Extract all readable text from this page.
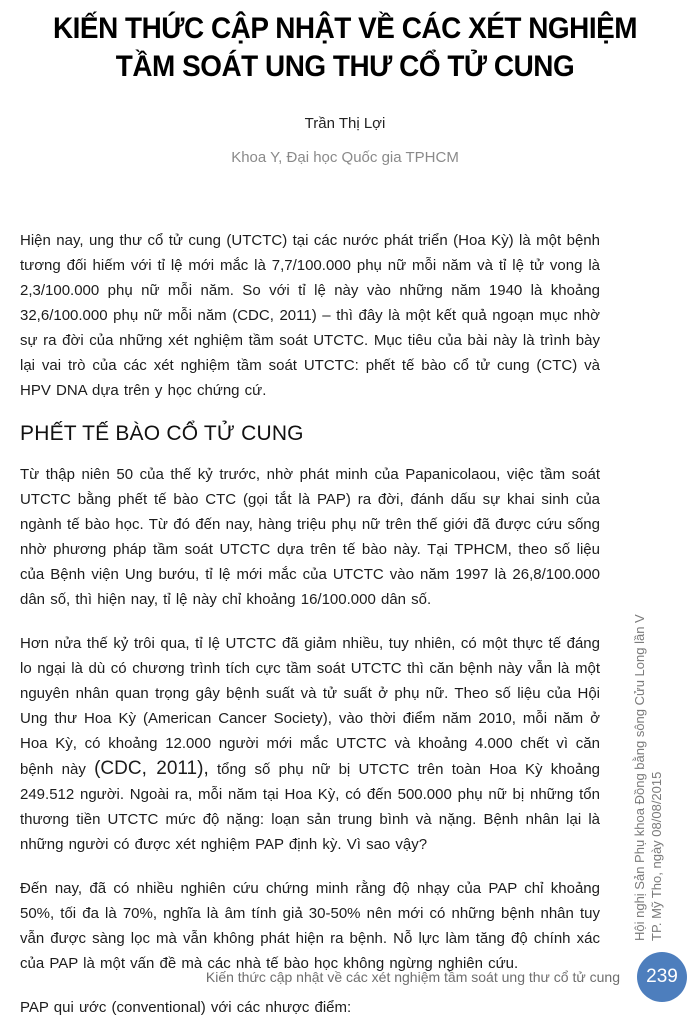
KIẾN THỨC CẬP NHẬT VỀ CÁC XÉT NGHIỆM
TẦM SOÁT UNG THƯ CỔ TỬ CUNG
Trần Thị Lợi
Khoa Y, Đại học Quốc gia TPHCM

Hiện nay, ung thư cổ tử cung (UTCTC) tại các nước phát triển (Hoa Kỳ) là một bệnh tương đối hiếm với tỉ lệ mới mắc là 7,7/100.000 phụ nữ mỗi năm và tỉ lệ tử vong là 2,3/100.000 phụ nữ mỗi năm. So với tỉ lệ này vào những năm 1940 là khoảng 32,6/100.000 phụ nữ mỗi năm (CDC, 2011) – thì đây là một kết quả ngoạn mục nhờ sự ra đời của những xét nghiệm tầm soát UTCTC. Mục tiêu của bài này là trình bày lại vai trò của các xét nghiệm tầm soát UTCTC: phết tế bào cổ tử cung (CTC) và HPV DNA dựa trên y học chứng cứ.

PHẾT TẾ BÀO CỔ TỬ CUNG

Từ thập niên 50 của thế kỷ trước, nhờ phát minh của Papanicolaou, việc tầm soát UTCTC bằng phết tế bào CTC (gọi tắt là PAP) ra đời, đánh dấu sự khai sinh của ngành tế bào học. Từ đó đến nay, hàng triệu phụ nữ trên thế giới đã được cứu sống nhờ phương pháp tầm soát UTCTC dựa trên tế bào này. Tại TPHCM, theo số liệu của Bệnh viện Ung bướu, tỉ lệ mới mắc của UTCTC vào năm 1997 là 26,8/100.000 dân số, thì hiện nay, tỉ lệ này chỉ khoảng 16/100.000 dân số.

Hơn nửa thế kỷ trôi qua, tỉ lệ UTCTC đã giảm nhiều, tuy nhiên, có một thực tế đáng lo ngại là dù có chương trình tích cực tầm soát UTCTC thì căn bệnh này vẫn là một nguyên nhân quan trọng gây bệnh suất và tử suất ở phụ nữ. Theo số liệu của Hội Ung thư Hoa Kỳ (American Cancer Society), vào thời điểm năm 2010, mỗi năm ở Hoa Kỳ, có khoảng 12.000 người mới mắc UTCTC và khoảng 4.000 chết vì căn bệnh này (CDC, 2011), tổng số phụ nữ bị UTCTC trên toàn Hoa Kỳ khoảng 249.512 người. Ngoài ra, mỗi năm tại Hoa Kỳ, có đến 500.000 phụ nữ bị những tổn thương tiền UTCTC mức độ nặng: loạn sản trung bình và nặng. Bệnh nhân lại là những người có được xét nghiệm PAP định kỳ. Vì sao vậy?

Đến nay, đã có nhiều nghiên cứu chứng minh rằng độ nhạy của PAP chỉ khoảng 50%, tối đa là 70%, nghĩa là âm tính giả 30-50% nên mới có những bệnh nhân tuy vẫn được sàng lọc mà vẫn không phát hiện ra bệnh. Nỗ lực làm tăng độ chính xác của PAP là một vấn đề mà các nhà tế bào học không ngừng nghiên cứu.

PAP qui ước (conventional) với các nhược điểm:

Hội nghị Sản Phụ khoa Đồng bằng sông Cửu Long lần V TP. Mỹ Tho, ngày 08/08/2015
Kiến thức cập nhật về các xét nghiệm tầm soát ung thư cổ tử cung 239
